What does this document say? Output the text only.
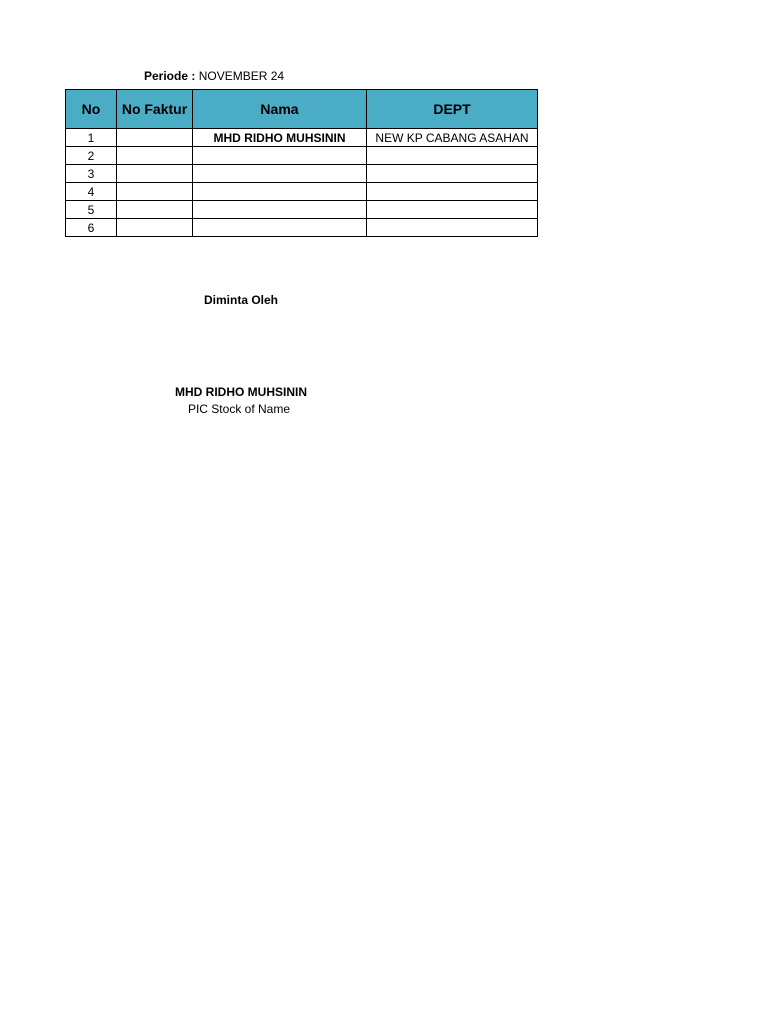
Periode : NOVEMBER 24
No	No Faktur	Nama	DEPT
1		MHD RIDHO MUHSININ	NEW KP CABANG ASAHAN
2			
3			
4			
5			
6			
Diminta Oleh
MHD RIDHO MUHSININ
PIC Stock of Name
